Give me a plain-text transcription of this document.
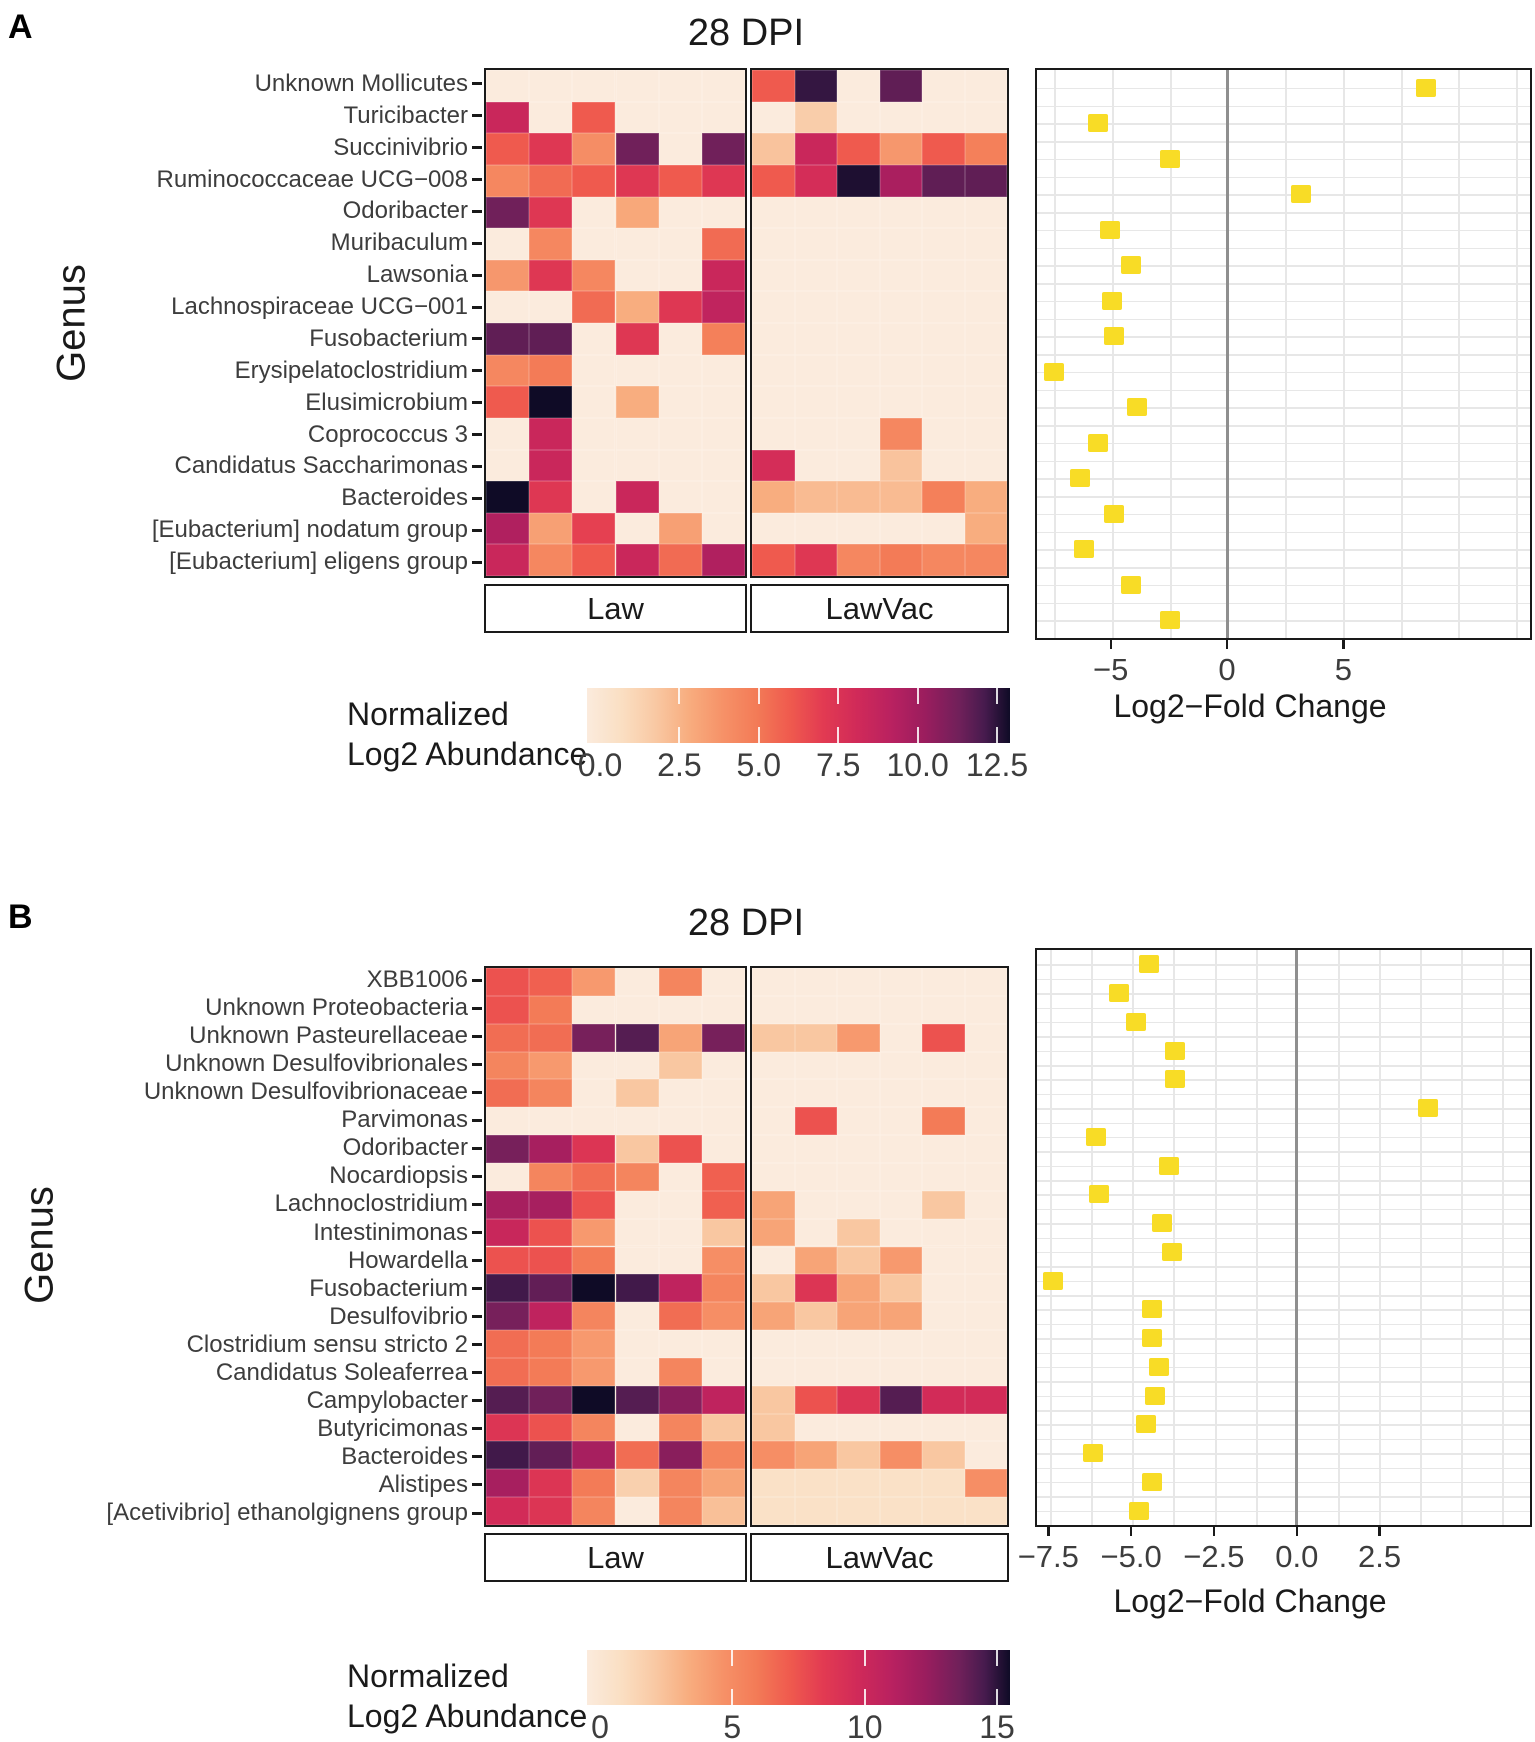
A	28 DPI
Genus
Law	LawVac
Log2−Fold Change
Normalized
Log2 Abundance
B	28 DPI
Genus
Law	LawVac
Log2−Fold Change
Normalized
Log2 Abundance
Unknown Mollicutes
Turicibacter
Succinivibrio
Ruminococcaceae UCG−008
Odoribacter
Muribaculum
Lawsonia
Lachnospiraceae UCG−001
Fusobacterium
Erysipelatoclostridium
Elusimicrobium
Coprococcus 3
Candidatus Saccharimonas
Bacteroides
[Eubacterium] nodatum group
[Eubacterium] eligens group
−5	0	5
0.0	2.5	5.0	7.5 10.0 12.5
XBB1006
Unknown Proteobacteria
Unknown Pasteurellaceae
Unknown Desulfovibrionales
Unknown Desulfovibrionaceae
Parvimonas
Odoribacter
Nocardiopsis
Lachnoclostridium
Intestinimonas
Howardella
Fusobacterium
Desulfovibrio
Clostridium sensu stricto 2
Candidatus Soleaferrea
Campylobacter
Butyricimonas
Bacteroides
Alistipes
[Acetivibrio] ethanolgignens group
−7.5 −5.0 −2.5 0.0	2.5
0	5	10	15
